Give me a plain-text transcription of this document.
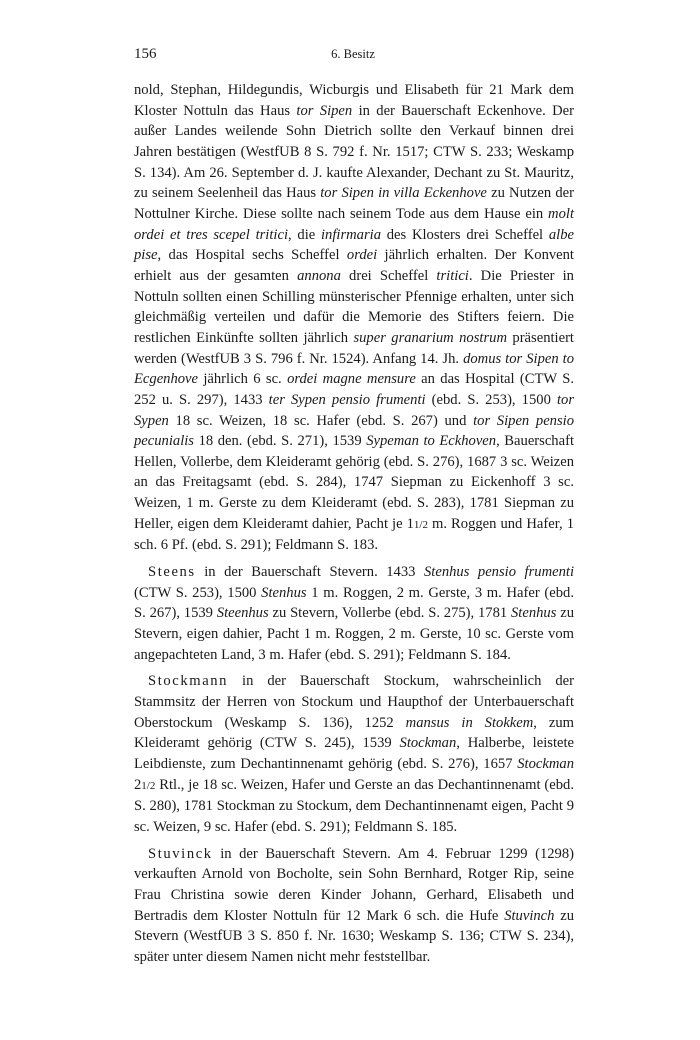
156	6. Besitz

nold, Stephan, Hildegundis, Wicburgis und Elisabeth für 21 Mark dem Kloster Nottuln das Haus tor Sipen in der Bauerschaft Eckenhove. Der außer Landes weilende Sohn Dietrich sollte den Verkauf binnen drei Jahren bestätigen (WestfUB 8 S. 792 f. Nr. 1517; CTW S. 233; Weskamp S. 134). Am 26. September d. J. kaufte Alexander, Dechant zu St. Mauritz, zu seinem Seelenheil das Haus tor Sipen in villa Eckenhove zu Nutzen der Nottulner Kirche. Diese sollte nach seinem Tode aus dem Hause ein molt ordei et tres scepel tritici, die infirmaria des Klosters drei Scheffel albe pise, das Hospital sechs Scheffel ordei jährlich erhalten. Der Konvent erhielt aus der gesamten annona drei Scheffel tritici. Die Priester in Nottuln sollten einen Schilling münsterischer Pfennige erhalten, unter sich gleichmäßig verteilen und dafür die Memorie des Stifters feiern. Die restlichen Einkünfte sollten jährlich super granarium nostrum präsentiert werden (WestfUB 3 S. 796 f. Nr. 1524). Anfang 14. Jh. domus tor Sipen to Ecgenhove jährlich 6 sc. ordei magne mensure an das Hospital (CTW S. 252 u. S. 297), 1433 ter Sypen pensio frumenti (ebd. S. 253), 1500 tor Sypen 18 sc. Weizen, 18 sc. Hafer (ebd. S. 267) und tor Sipen pensio pecunialis 18 den. (ebd. S. 271), 1539 Sypeman to Eckhoven, Bauerschaft Hellen, Vollerbe, dem Kleideramt gehörig (ebd. S. 276), 1687 3 sc. Weizen an das Freitagsamt (ebd. S. 284), 1747 Siepman zu Eickenhoff 3 sc. Weizen, 1 m. Gerste zu dem Kleideramt (ebd. S. 283), 1781 Siepman zu Heller, eigen dem Kleideramt dahier, Pacht je 11/2 m. Roggen und Hafer, 1 sch. 6 Pf. (ebd. S. 291); Feldmann S. 183.

Steens in der Bauerschaft Stevern. 1433 Stenhus pensio frumenti (CTW S. 253), 1500 Stenhus 1 m. Roggen, 2 m. Gerste, 3 m. Hafer (ebd. S. 267), 1539 Steenhus zu Stevern, Vollerbe (ebd. S. 275), 1781 Stenhus zu Stevern, eigen dahier, Pacht 1 m. Roggen, 2 m. Gerste, 10 sc. Gerste vom angepachteten Land, 3 m. Hafer (ebd. S. 291); Feldmann S. 184.

Stockmann in der Bauerschaft Stockum, wahrscheinlich der Stammsitz der Herren von Stockum und Haupthof der Unterbauerschaft Oberstockum (Weskamp S. 136), 1252 mansus in Stokkem, zum Kleideramt gehörig (CTW S. 245), 1539 Stockman, Halberbe, leistete Leibdienste, zum Dechantinnenamt gehörig (ebd. S. 276), 1657 Stockman 21/2 Rtl., je 18 sc. Weizen, Hafer und Gerste an das Dechantinnenamt (ebd. S. 280), 1781 Stockman zu Stockum, dem Dechantinnenamt eigen, Pacht 9 sc. Weizen, 9 sc. Hafer (ebd. S. 291); Feldmann S. 185.

Stuvinck in der Bauerschaft Stevern. Am 4. Februar 1299 (1298) verkauften Arnold von Bocholte, sein Sohn Bernhard, Rotger Rip, seine Frau Christina sowie deren Kinder Johann, Gerhard, Elisabeth und Bertradis dem Kloster Nottuln für 12 Mark 6 sch. die Hufe Stuvinch zu Stevern (WestfUB 3 S. 850 f. Nr. 1630; Weskamp S. 136; CTW S. 234), später unter diesem Namen nicht mehr feststellbar.
